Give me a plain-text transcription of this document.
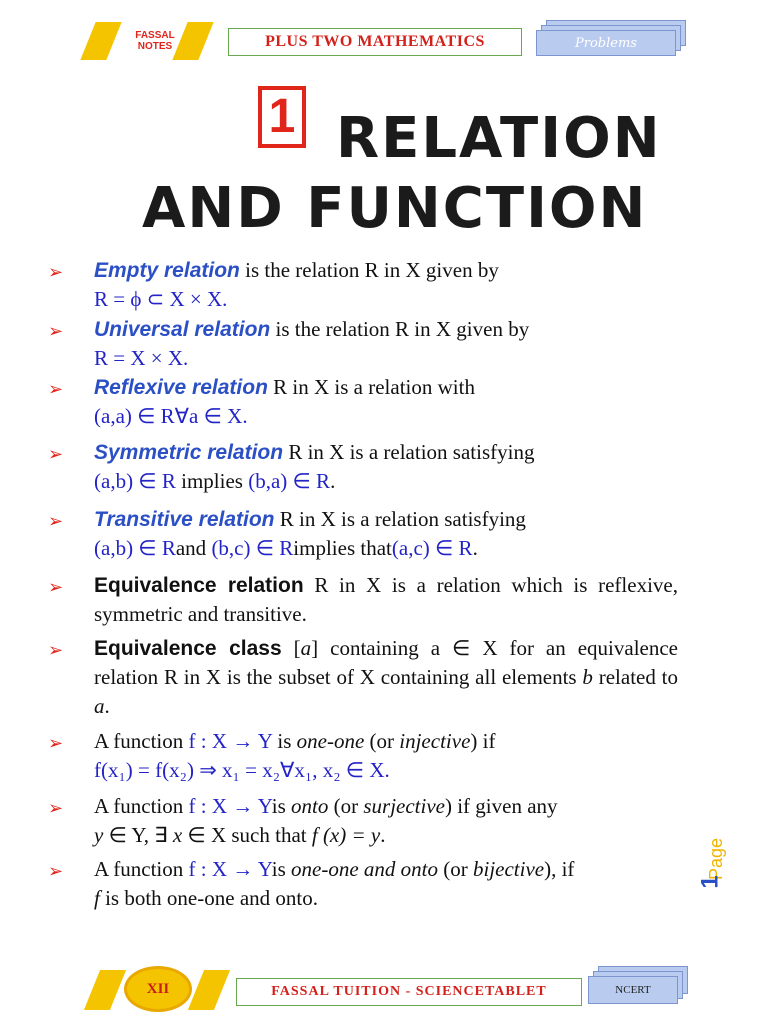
FASSAL
NOTES	PLUS TWO MATHEMATICS	Problems
1 RELATION
AND FUNCTION
➢ Empty relation is the relation R in X given by
R = ϕ ⊂ X × X.
➢ Universal relation is the relation R in X given by
R = X × X.
➢ Reflexive relation R in X is a relation with
(a,a) ∈ R∀a ∈ X.
➢ Symmetric relation R in X is a relation satisfying
(a,b) ∈ R implies (b,a) ∈ R.
➢ Transitive relation R in X is a relation satisfying
(a,b) ∈ Rand (b,c) ∈ Rimplies that(a,c) ∈ R.
➢ Equivalence relation R in X is a relation which is reflexive, symmetric and transitive.
➢ Equivalence class [a] containing a ∈ X for an equivalence relation R in X is the subset of X containing all elements b related to a.
➢ A function f : X → Y is one-one (or injective) if
f(x₁) = f(x₂) ⇒ x₁ = x₂∀x₁, x₂ ∈ X.
➢ A function f : X → Yis onto (or surjective) if given any
y ∈ Y, ∃ x ∈ X such that f (x) = y.
➢ A function f : X → Yis one-one and onto (or bijective), if
f is both one-one and onto.
Page
1
XII	FASSAL TUITION - SCIENCETABLET	NCERT
